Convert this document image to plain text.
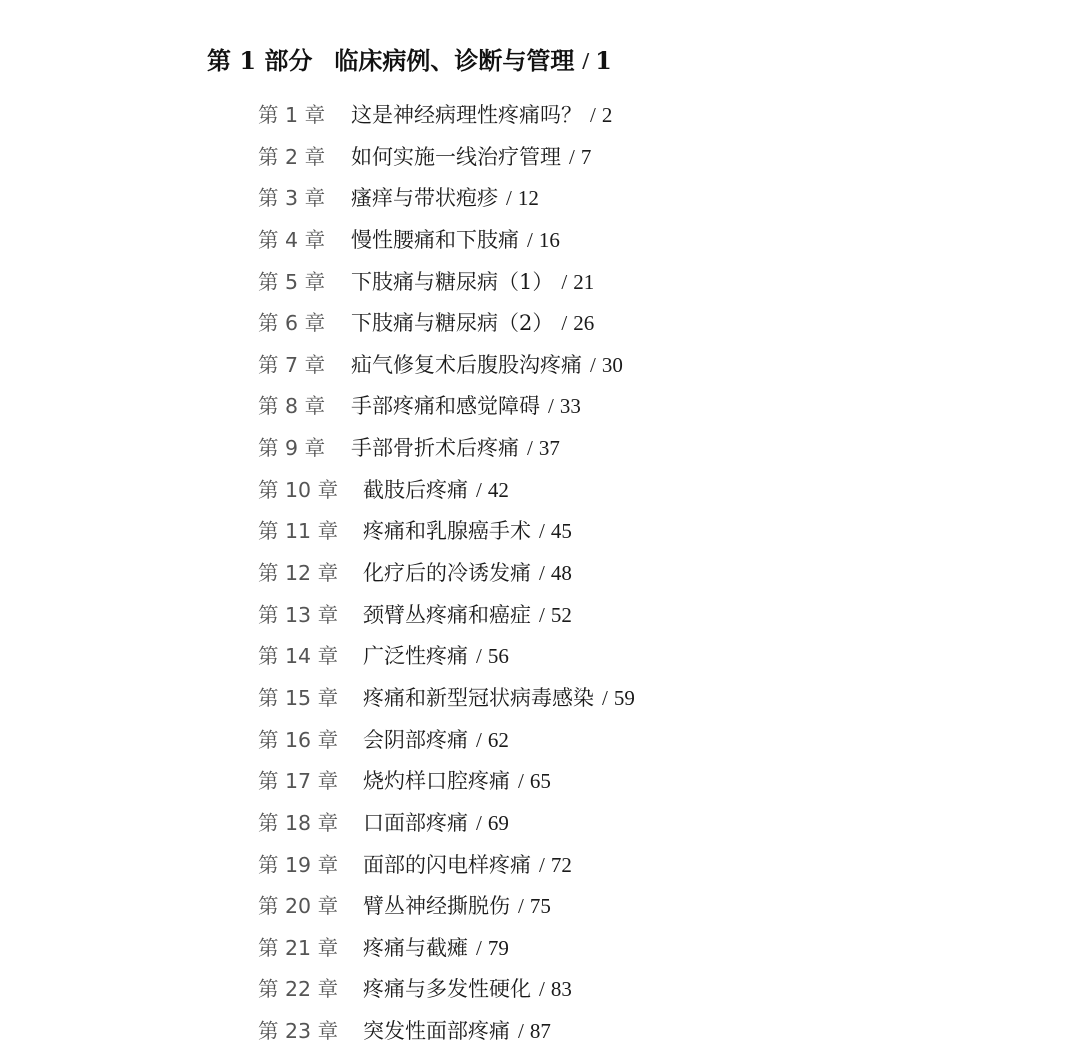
第 1 部分 临床病例、诊断与管理 / 1
第 1 章 这是神经病理性疼痛吗？ / 2
第 2 章 如何实施一线治疗管理 / 7
第 3 章 瘙痒与带状疱疹 / 12
第 4 章 慢性腰痛和下肢痛 / 16
第 5 章 下肢痛与糖尿病（1） / 21
第 6 章 下肢痛与糖尿病（2） / 26
第 7 章 疝气修复术后腹股沟疼痛 / 30
第 8 章 手部疼痛和感觉障碍 / 33
第 9 章 手部骨折术后疼痛 / 37
第 10 章 截肢后疼痛 / 42
第 11 章 疼痛和乳腺癌手术 / 45
第 12 章 化疗后的冷诱发痛 / 48
第 13 章 颈臂丛疼痛和癌症 / 52
第 14 章 广泛性疼痛 / 56
第 15 章 疼痛和新型冠状病毒感染 / 59
第 16 章 会阴部疼痛 / 62
第 17 章 烧灼样口腔疼痛 / 65
第 18 章 口面部疼痛 / 69
第 19 章 面部的闪电样疼痛 / 72
第 20 章 臂丛神经撕脱伤 / 75
第 21 章 疼痛与截瘫 / 79
第 22 章 疼痛与多发性硬化 / 83
第 23 章 突发性面部疼痛 / 87
